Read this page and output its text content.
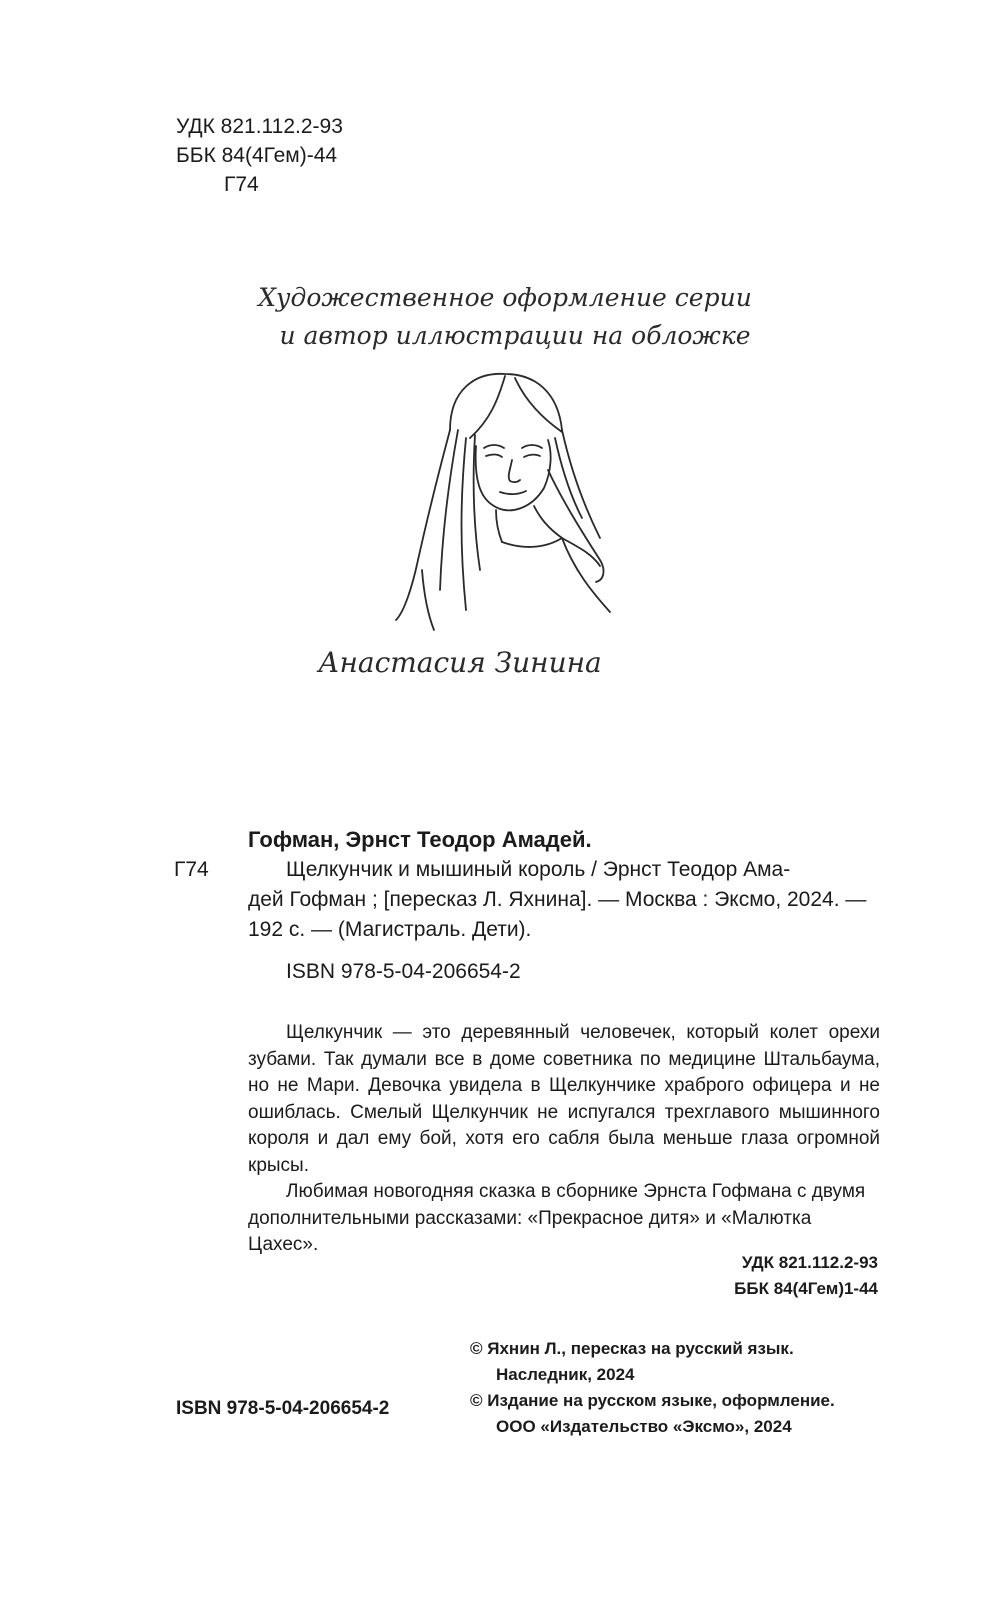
УДК 821.112.2-93
ББК 84(4Гем)-44
Г74
Художественное оформление серии
и автор иллюстрации на обложке
Анастасия Зинина
Г74
Гофман, Эрнст Теодор Амадей.
Щелкунчик и мышиный король / Эрнст Теодор Ама-
дей Гофман ; [пересказ Л. Яхнина]. — Москва : Эксмо, 2024. — 192 с. — (Магистраль. Дети).
ISBN 978-5-04-206654-2

Щелкунчик — это деревянный человечек, который колет орехи зубами. Так думали все в доме советника по медицине Штальбаума, но не Мари. Девочка увидела в Щелкунчике храброго офицера и не ошиблась. Смелый Щелкунчик не испугался трехглавого мышинного короля и дал ему бой, хотя его сабля была меньше глаза огромной крысы.

Любимая новогодняя сказка в сборнике Эрнста Гофмана с двумя дополнительными рассказами: «Прекрасное дитя» и «Малютка Цахес».

УДК 821.112.2-93
ББК 84(4Гем)1-44
© Яхнин Л., пересказ на русский язык.
Наследник, 2024
© Издание на русском языке, оформление.
ООО «Издательство «Эксмо», 2024
ISBN 978-5-04-206654-2
